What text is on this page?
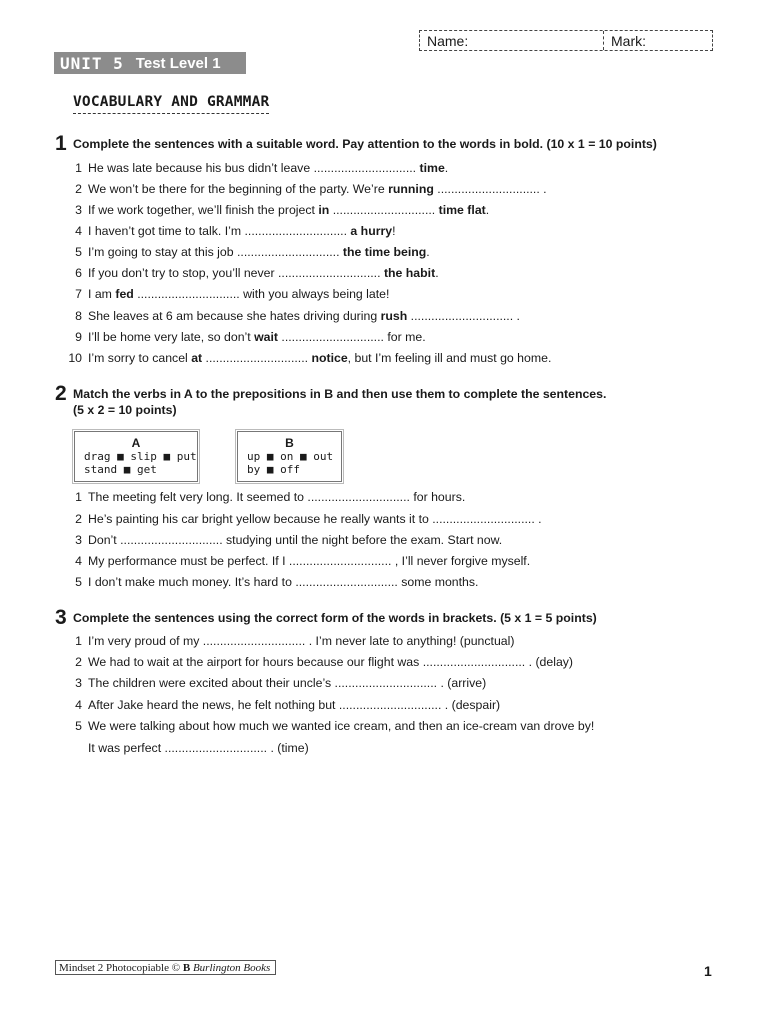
Name:	Mark:
UNIT 5 Test Level 1
VOCABULARY AND GRAMMAR
1 Complete the sentences with a suitable word. Pay attention to the words in bold. (10 x 1 = 10 points)
1 He was late because his bus didn’t leave .............................. time.
2 We won’t be there for the beginning of the party. We’re running .............................. .
3 If we work together, we’ll finish the project in .............................. time flat.
4 I haven’t got time to talk. I’m .............................. a hurry!
5 I’m going to stay at this job .............................. the time being.
6 If you don’t try to stop, you’ll never .............................. the habit.
7 I am fed .............................. with you always being late!
8 She leaves at 6 am because she hates driving during rush .............................. .
9 I’ll be home very late, so don’t wait .............................. for me.
10 I’m sorry to cancel at .............................. notice, but I’m feeling ill and must go home.
2 Match the verbs in A to the prepositions in B and then use them to complete the sentences.
(5 x 2 = 10 points)
A
drag ■ slip ■ put
stand ■ get
B
up ■ on ■ out
by ■ off
1 The meeting felt very long. It seemed to .............................. for hours.
2 He’s painting his car bright yellow because he really wants it to .............................. .
3 Don’t .............................. studying until the night before the exam. Start now.
4 My performance must be perfect. If I .............................. , I’ll never forgive myself.
5 I don’t make much money. It’s hard to .............................. some months.
3 Complete the sentences using the correct form of the words in brackets. (5 x 1 = 5 points)
1 I’m very proud of my .............................. . I’m never late to anything! (punctual)
2 We had to wait at the airport for hours because our flight was .............................. . (delay)
3 The children were excited about their uncle’s .............................. . (arrive)
4 After Jake heard the news, he felt nothing but .............................. . (despair)
5 We were talking about how much we wanted ice cream, and then an ice-cream van drove by!
It was perfect .............................. . (time)
Mindset 2 Photocopiable © B Burlington Books	1
